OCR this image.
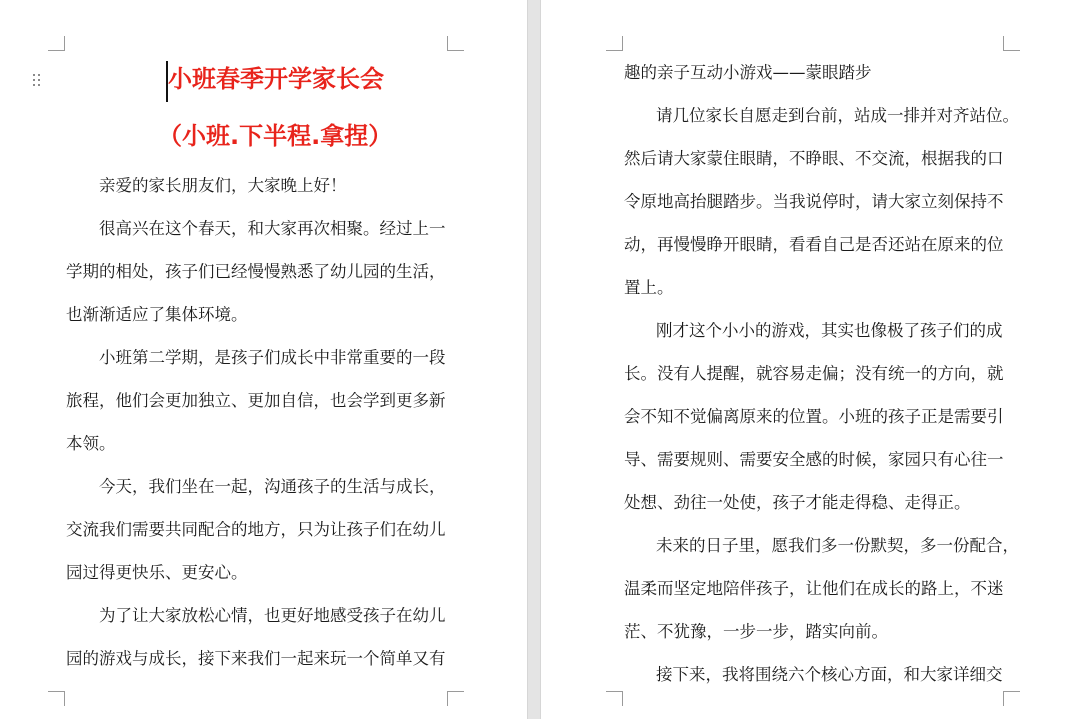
小班春季开学家长会
（小班.下半程.拿捏）

亲爱的家长朋友们，大家晚上好！

很高兴在这个春天，和大家再次相聚。经过上一

学期的相处，孩子们已经慢慢熟悉了幼儿园的生活，

也渐渐适应了集体环境。

小班第二学期，是孩子们成长中非常重要的一段

旅程，他们会更加独立、更加自信，也会学到更多新

本领。

今天，我们坐在一起，沟通孩子的生活与成长，

交流我们需要共同配合的地方，只为让孩子们在幼儿

园过得更快乐、更安心。

为了让大家放松心情，也更好地感受孩子在幼儿

园的游戏与成长，接下来我们一起来玩一个简单又有

趣的亲子互动小游戏——蒙眼踏步

请几位家长自愿走到台前，站成一排并对齐站位。

然后请大家蒙住眼睛，不睁眼、不交流，根据我的口

令原地高抬腿踏步。当我说停时，请大家立刻保持不

动，再慢慢睁开眼睛，看看自己是否还站在原来的位

置上。

刚才这个小小的游戏，其实也像极了孩子们的成

长。没有人提醒，就容易走偏；没有统一的方向，就

会不知不觉偏离原来的位置。小班的孩子正是需要引

导、需要规则、需要安全感的时候，家园只有心往一

处想、劲往一处使，孩子才能走得稳、走得正。

未来的日子里，愿我们多一份默契，多一份配合，

温柔而坚定地陪伴孩子，让他们在成长的路上，不迷

茫、不犹豫，一步一步，踏实向前。

接下来，我将围绕六个核心方面，和大家详细交
